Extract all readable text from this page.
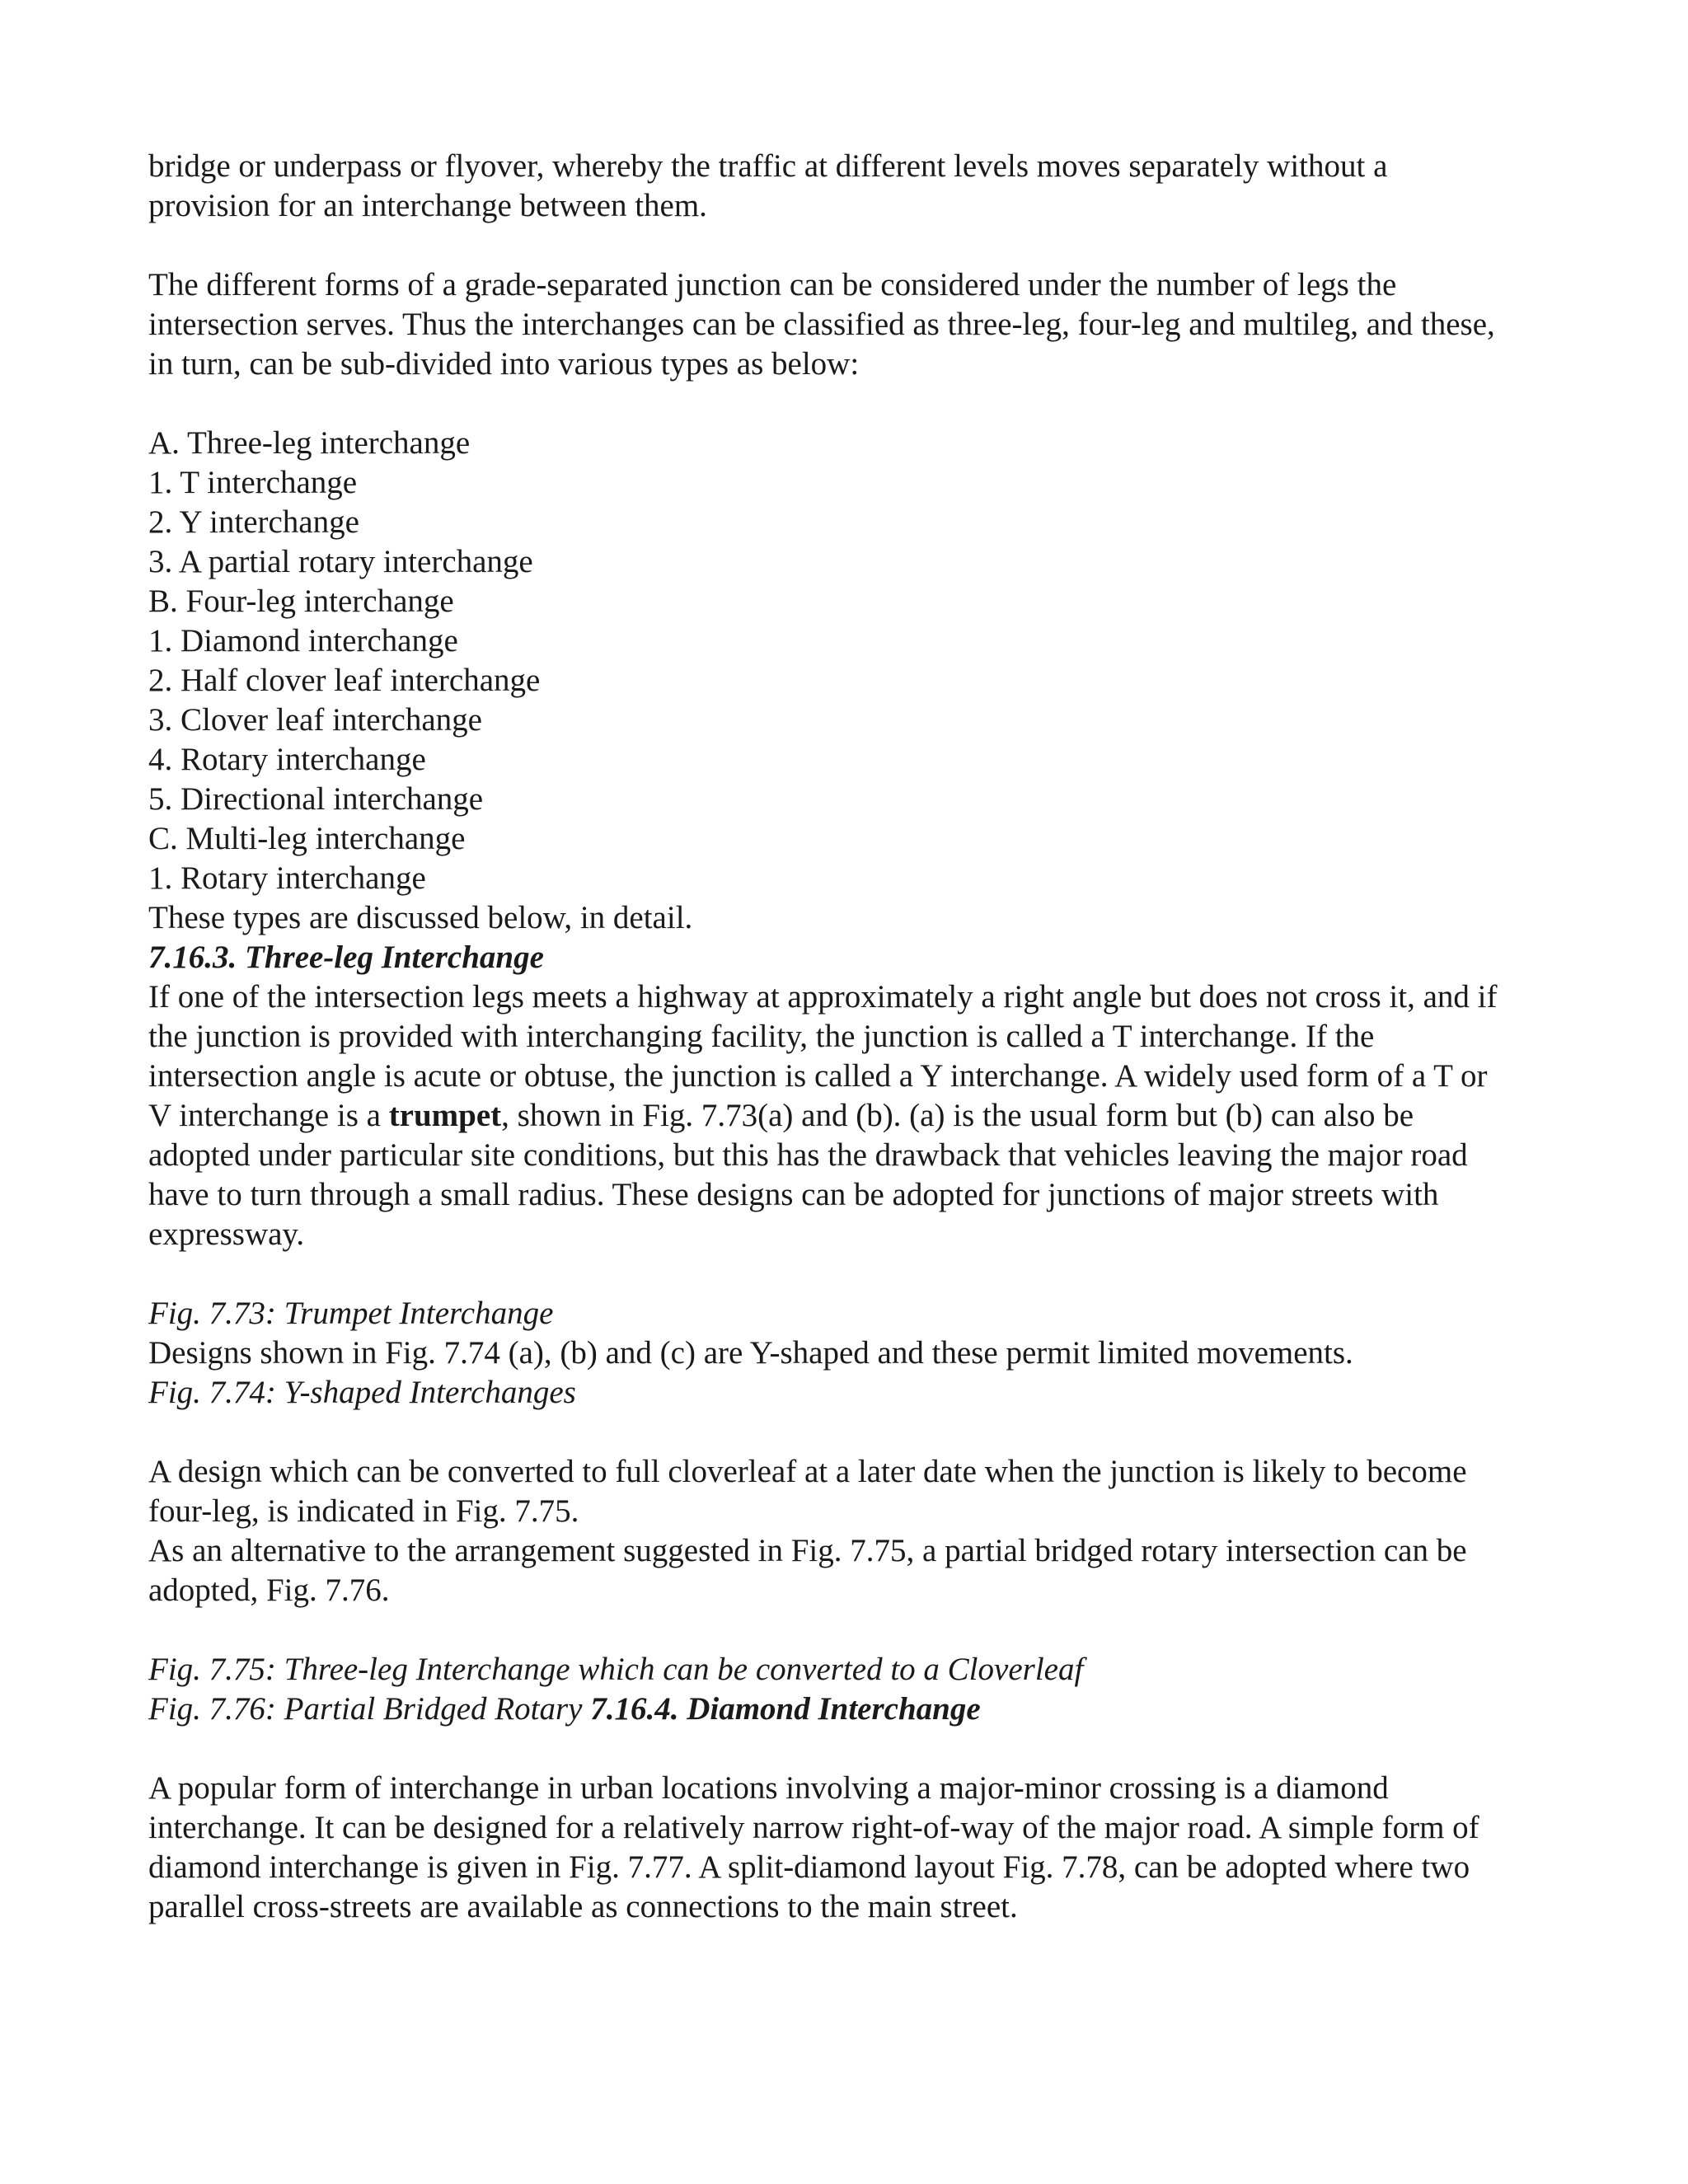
bridge or underpass or flyover, whereby the traffic at different levels moves separately without a

provision for an interchange between them.

The different forms of a grade-separated junction can be considered under the number of legs the

intersection serves. Thus the interchanges can be classified as three-leg, four-leg and multileg, and these,

in turn, can be sub-divided into various types as below:

A. Three-leg interchange

1. T interchange

2. Y interchange

3. A partial rotary interchange

B. Four-leg interchange

1. Diamond interchange

2. Half clover leaf interchange

3. Clover leaf interchange

4. Rotary interchange

5. Directional interchange

C. Multi-leg interchange

1. Rotary interchange

These types are discussed below, in detail.

7.16.3. Three-leg Interchange

If one of the intersection legs meets a highway at approximately a right angle but does not cross it, and if

the junction is provided with interchanging facility, the junction is called a T interchange. If the

intersection angle is acute or obtuse, the junction is called a Y interchange. A widely used form of a T or

V interchange is a trumpet, shown in Fig. 7.73(a) and (b). (a) is the usual form but (b) can also be

adopted under particular site conditions, but this has the drawback that vehicles leaving the major road

have to turn through a small radius. These designs can be adopted for junctions of major streets with

expressway.

Fig. 7.73: Trumpet Interchange

Designs shown in Fig. 7.74 (a), (b) and (c) are Y-shaped and these permit limited movements.

Fig. 7.74: Y-shaped Interchanges

A design which can be converted to full cloverleaf at a later date when the junction is likely to become

four-leg, is indicated in Fig. 7.75.

As an alternative to the arrangement suggested in Fig. 7.75, a partial bridged rotary intersection can be

adopted, Fig. 7.76.

Fig. 7.75: Three-leg Interchange which can be converted to a Cloverleaf

Fig. 7.76: Partial Bridged Rotary 7.16.4. Diamond Interchange

A popular form of interchange in urban locations involving a major-minor crossing is a diamond

interchange. It can be designed for a relatively narrow right-of-way of the major road. A simple form of

diamond interchange is given in Fig. 7.77. A split-diamond layout Fig. 7.78, can be adopted where two

parallel cross-streets are available as connections to the main street.
